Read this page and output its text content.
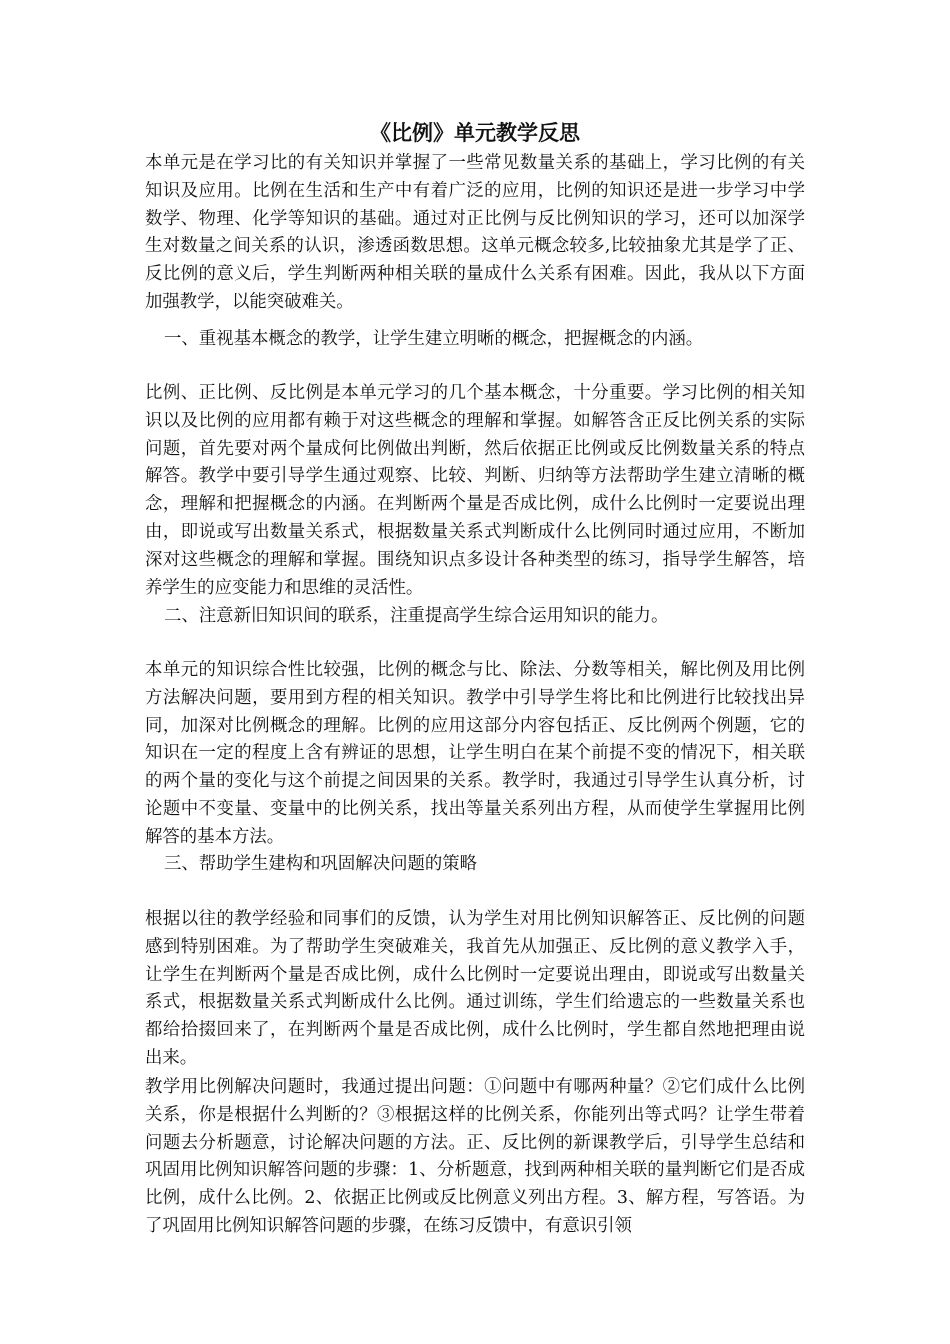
《比例》单元教学反思

本单元是在学习比的有关知识并掌握了一些常见数量关系的基础上，学习比例的有关知识及应用。比例在生活和生产中有着广泛的应用，比例的知识还是进一步学习中学数学、物理、化学等知识的基础。通过对正比例与反比例知识的学习，还可以加深学生对数量之间关系的认识，渗透函数思想。这单元概念较多,比较抽象尤其是学了正、反比例的意义后，学生判断两种相关联的量成什么关系有困难。因此，我从以下方面加强教学，以能突破难关。

一、重视基本概念的教学，让学生建立明晰的概念，把握概念的内涵。

比例、正比例、反比例是本单元学习的几个基本概念，十分重要。学习比例的相关知识以及比例的应用都有赖于对这些概念的理解和掌握。如解答含正反比例关系的实际问题，首先要对两个量成何比例做出判断，然后依据正比例或反比例数量关系的特点解答。教学中要引导学生通过观察、比较、判断、归纳等方法帮助学生建立清晰的概念，理解和把握概念的内涵。在判断两个量是否成比例，成什么比例时一定要说出理由，即说或写出数量关系式，根据数量关系式判断成什么比例同时通过应用，不断加深对这些概念的理解和掌握。围绕知识点多设计各种类型的练习，指导学生解答，培养学生的应变能力和思维的灵活性。

二、注意新旧知识间的联系，注重提高学生综合运用知识的能力。

本单元的知识综合性比较强，比例的概念与比、除法、分数等相关，解比例及用比例方法解决问题，要用到方程的相关知识。教学中引导学生将比和比例进行比较找出异同，加深对比例概念的理解。比例的应用这部分内容包括正、反比例两个例题，它的知识在一定的程度上含有辨证的思想，让学生明白在某个前提不变的情况下，相关联的两个量的变化与这个前提之间因果的关系。教学时，我通过引导学生认真分析，讨论题中不变量、变量中的比例关系，找出等量关系列出方程，从而使学生掌握用比例解答的基本方法。

三、帮助学生建构和巩固解决问题的策略

根据以往的教学经验和同事们的反馈，认为学生对用比例知识解答正、反比例的问题感到特别困难。为了帮助学生突破难关，我首先从加强正、反比例的意义教学入手，让学生在判断两个量是否成比例，成什么比例时一定要说出理由，即说或写出数量关系式，根据数量关系式判断成什么比例。通过训练，学生们给遗忘的一些数量关系也都给拾掇回来了，在判断两个量是否成比例，成什么比例时，学生都自然地把理由说出来。

教学用比例解决问题时，我通过提出问题：①问题中有哪两种量？②它们成什么比例关系，你是根据什么判断的？③根据这样的比例关系，你能列出等式吗？让学生带着问题去分析题意，讨论解决问题的方法。正、反比例的新课教学后，引导学生总结和巩固用比例知识解答问题的步骤：1、分析题意，找到两种相关联的量判断它们是否成比例，成什么比例。2、依据正比例或反比例意义列出方程。3、解方程，写答语。为了巩固用比例知识解答问题的步骤，在练习反馈中，有意识引领
